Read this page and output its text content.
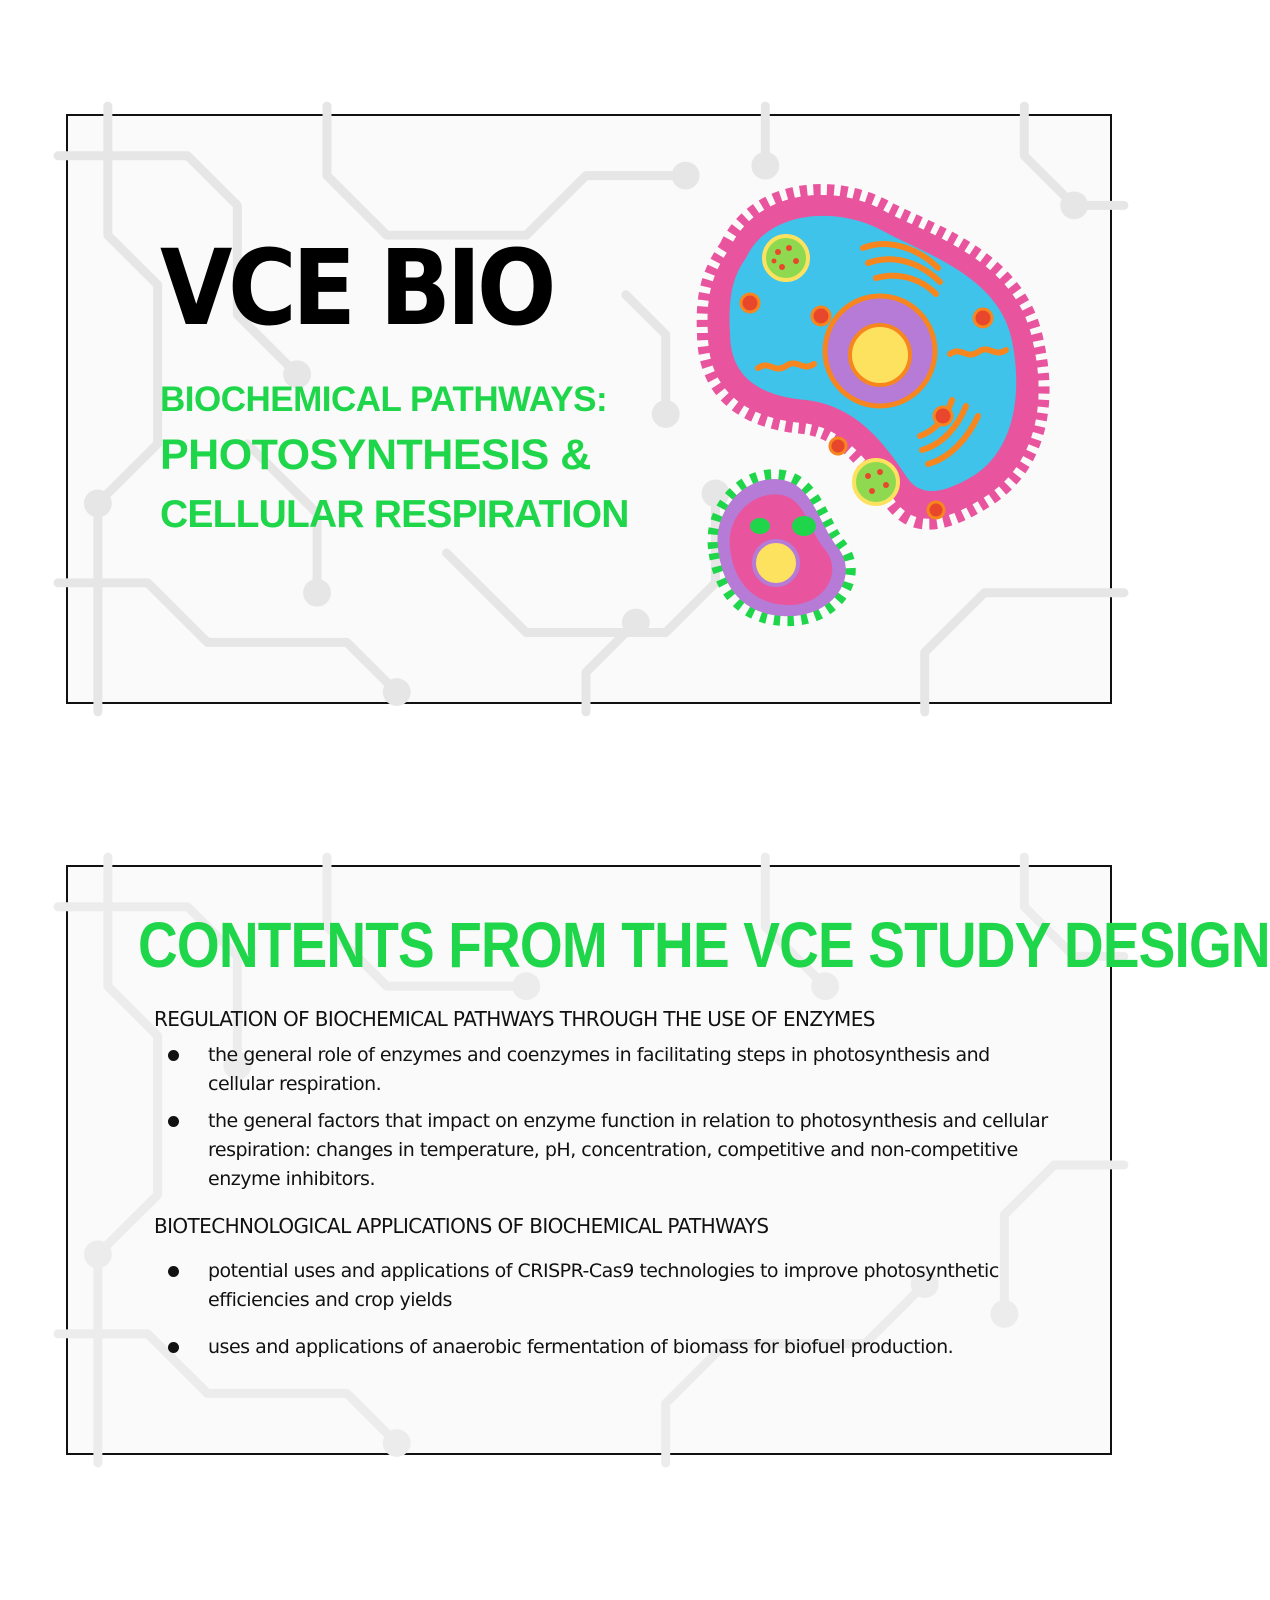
VCE BIO
BIOCHEMICAL PATHWAYS:
PHOTOSYNTHESIS &
CELLULAR RESPIRATION
CONTENTS FROM THE VCE STUDY DESIGN
REGULATION OF BIOCHEMICAL PATHWAYS THROUGH THE USE OF ENZYMES
the general role of enzymes and coenzymes in facilitating steps in photosynthesis and cellular respiration.
the general factors that impact on enzyme function in relation to photosynthesis and cellular respiration: changes in temperature, pH, concentration, competitive and non-competitive enzyme inhibitors.
BIOTECHNOLOGICAL APPLICATIONS OF BIOCHEMICAL PATHWAYS
potential uses and applications of CRISPR-Cas9 technologies to improve photosynthetic efficiencies and crop yields
uses and applications of anaerobic fermentation of biomass for biofuel production.
